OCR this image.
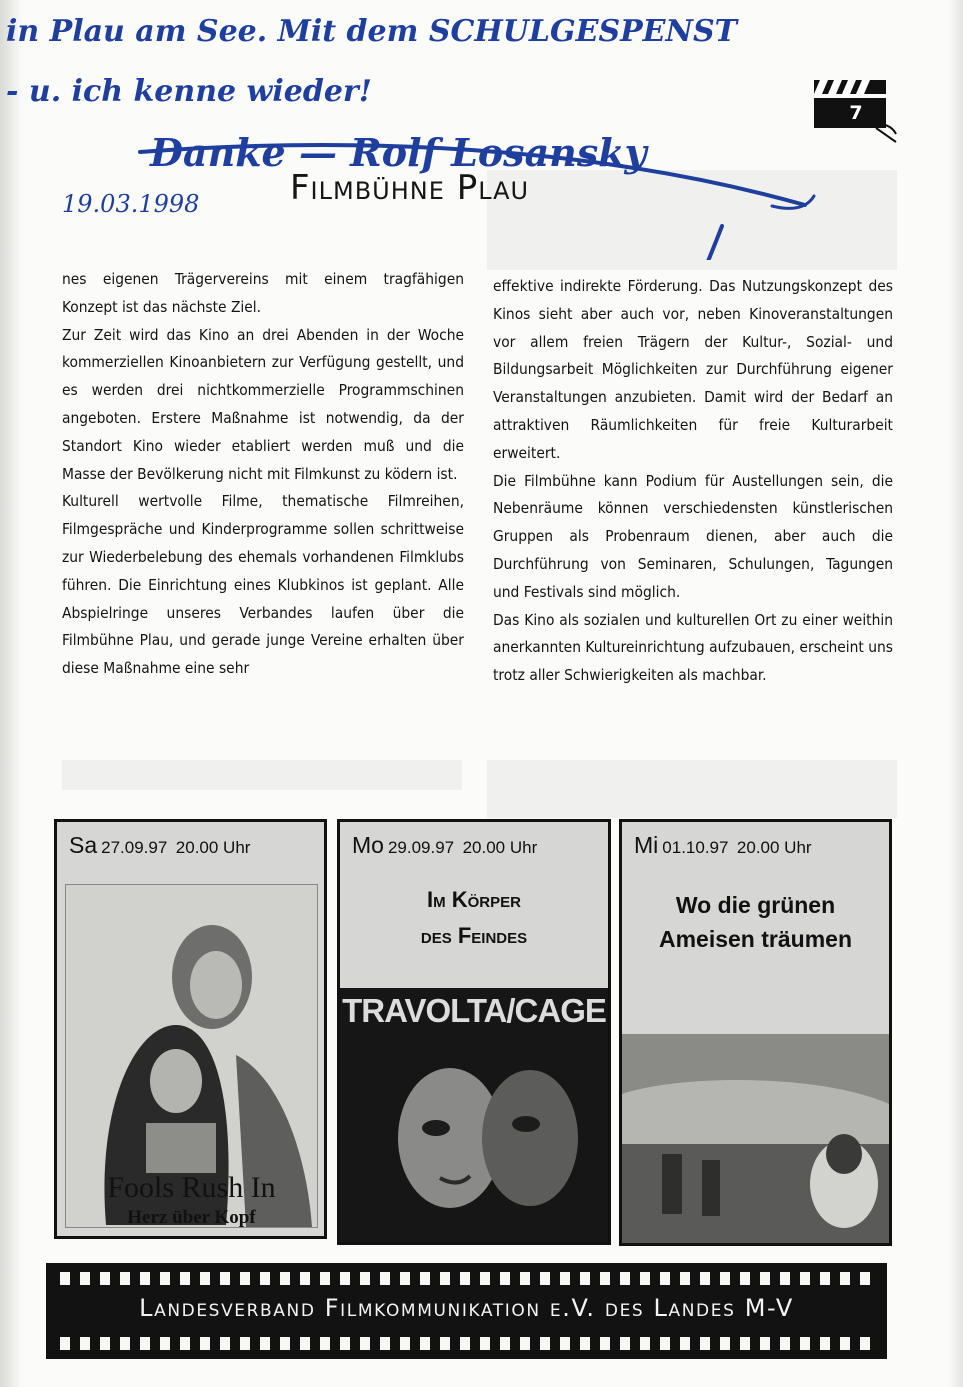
in Plau am See. Mit dem SCHULGESPENST
- u. ich kenne wieder!
Danke — Rolf Losansky
19.03.1998
7
Filmbühne Plau

nes eigenen Trägervereins mit einem tragfähigen Konzept ist das nächste Ziel.

Zur Zeit wird das Kino an drei Abenden in der Woche kommerziellen Kinoanbietern zur Verfügung gestellt, und es werden drei nichtkommerzielle Programmschinen angeboten. Erstere Maßnahme ist notwendig, da der Standort Kino wieder etabliert werden muß und die Masse der Bevölkerung nicht mit Filmkunst zu ködern ist.

Kulturell wertvolle Filme, thematische Filmreihen, Filmgespräche und Kinderprogramme sollen schrittweise zur Wiederbelebung des ehemals vorhandenen Filmklubs führen. Die Einrichtung eines Klubkinos ist geplant. Alle Abspielringe unseres Verbandes laufen über die Filmbühne Plau, und gerade junge Vereine erhalten über diese Maßnahme eine sehr

effektive indirekte Förderung. Das Nutzungskonzept des Kinos sieht aber auch vor, neben Kinoveranstaltungen vor allem freien Trägern der Kultur-, Sozial- und Bildungsarbeit Möglichkeiten zur Durchführung eigener Veranstaltungen anzubieten. Damit wird der Bedarf an attraktiven Räumlichkeiten für freie Kulturarbeit erweitert.

Die Filmbühne kann Podium für Austellungen sein, die Nebenräume können verschiedensten künstlerischen Gruppen als Probenraum dienen, aber auch die Durchführung von Seminaren, Schulungen, Tagungen und Festivals sind möglich.

Das Kino als sozialen und kulturellen Ort zu einer weithin anerkannten Kultureinrichtung aufzubauen, erscheint uns trotz aller Schwierigkeiten als machbar.

Sa 27.09.97 20.00 Uhr
Fools Rush In
Herz über Kopf
Mo 29.09.97 20.00 Uhr
Im Körper
des Feindes
TRAVOLTA/CAGE
Mi 01.10.97 20.00 Uhr
Wo die grünen
Ameisen träumen
Landesverband Filmkommunikation e.V. des Landes M-V
